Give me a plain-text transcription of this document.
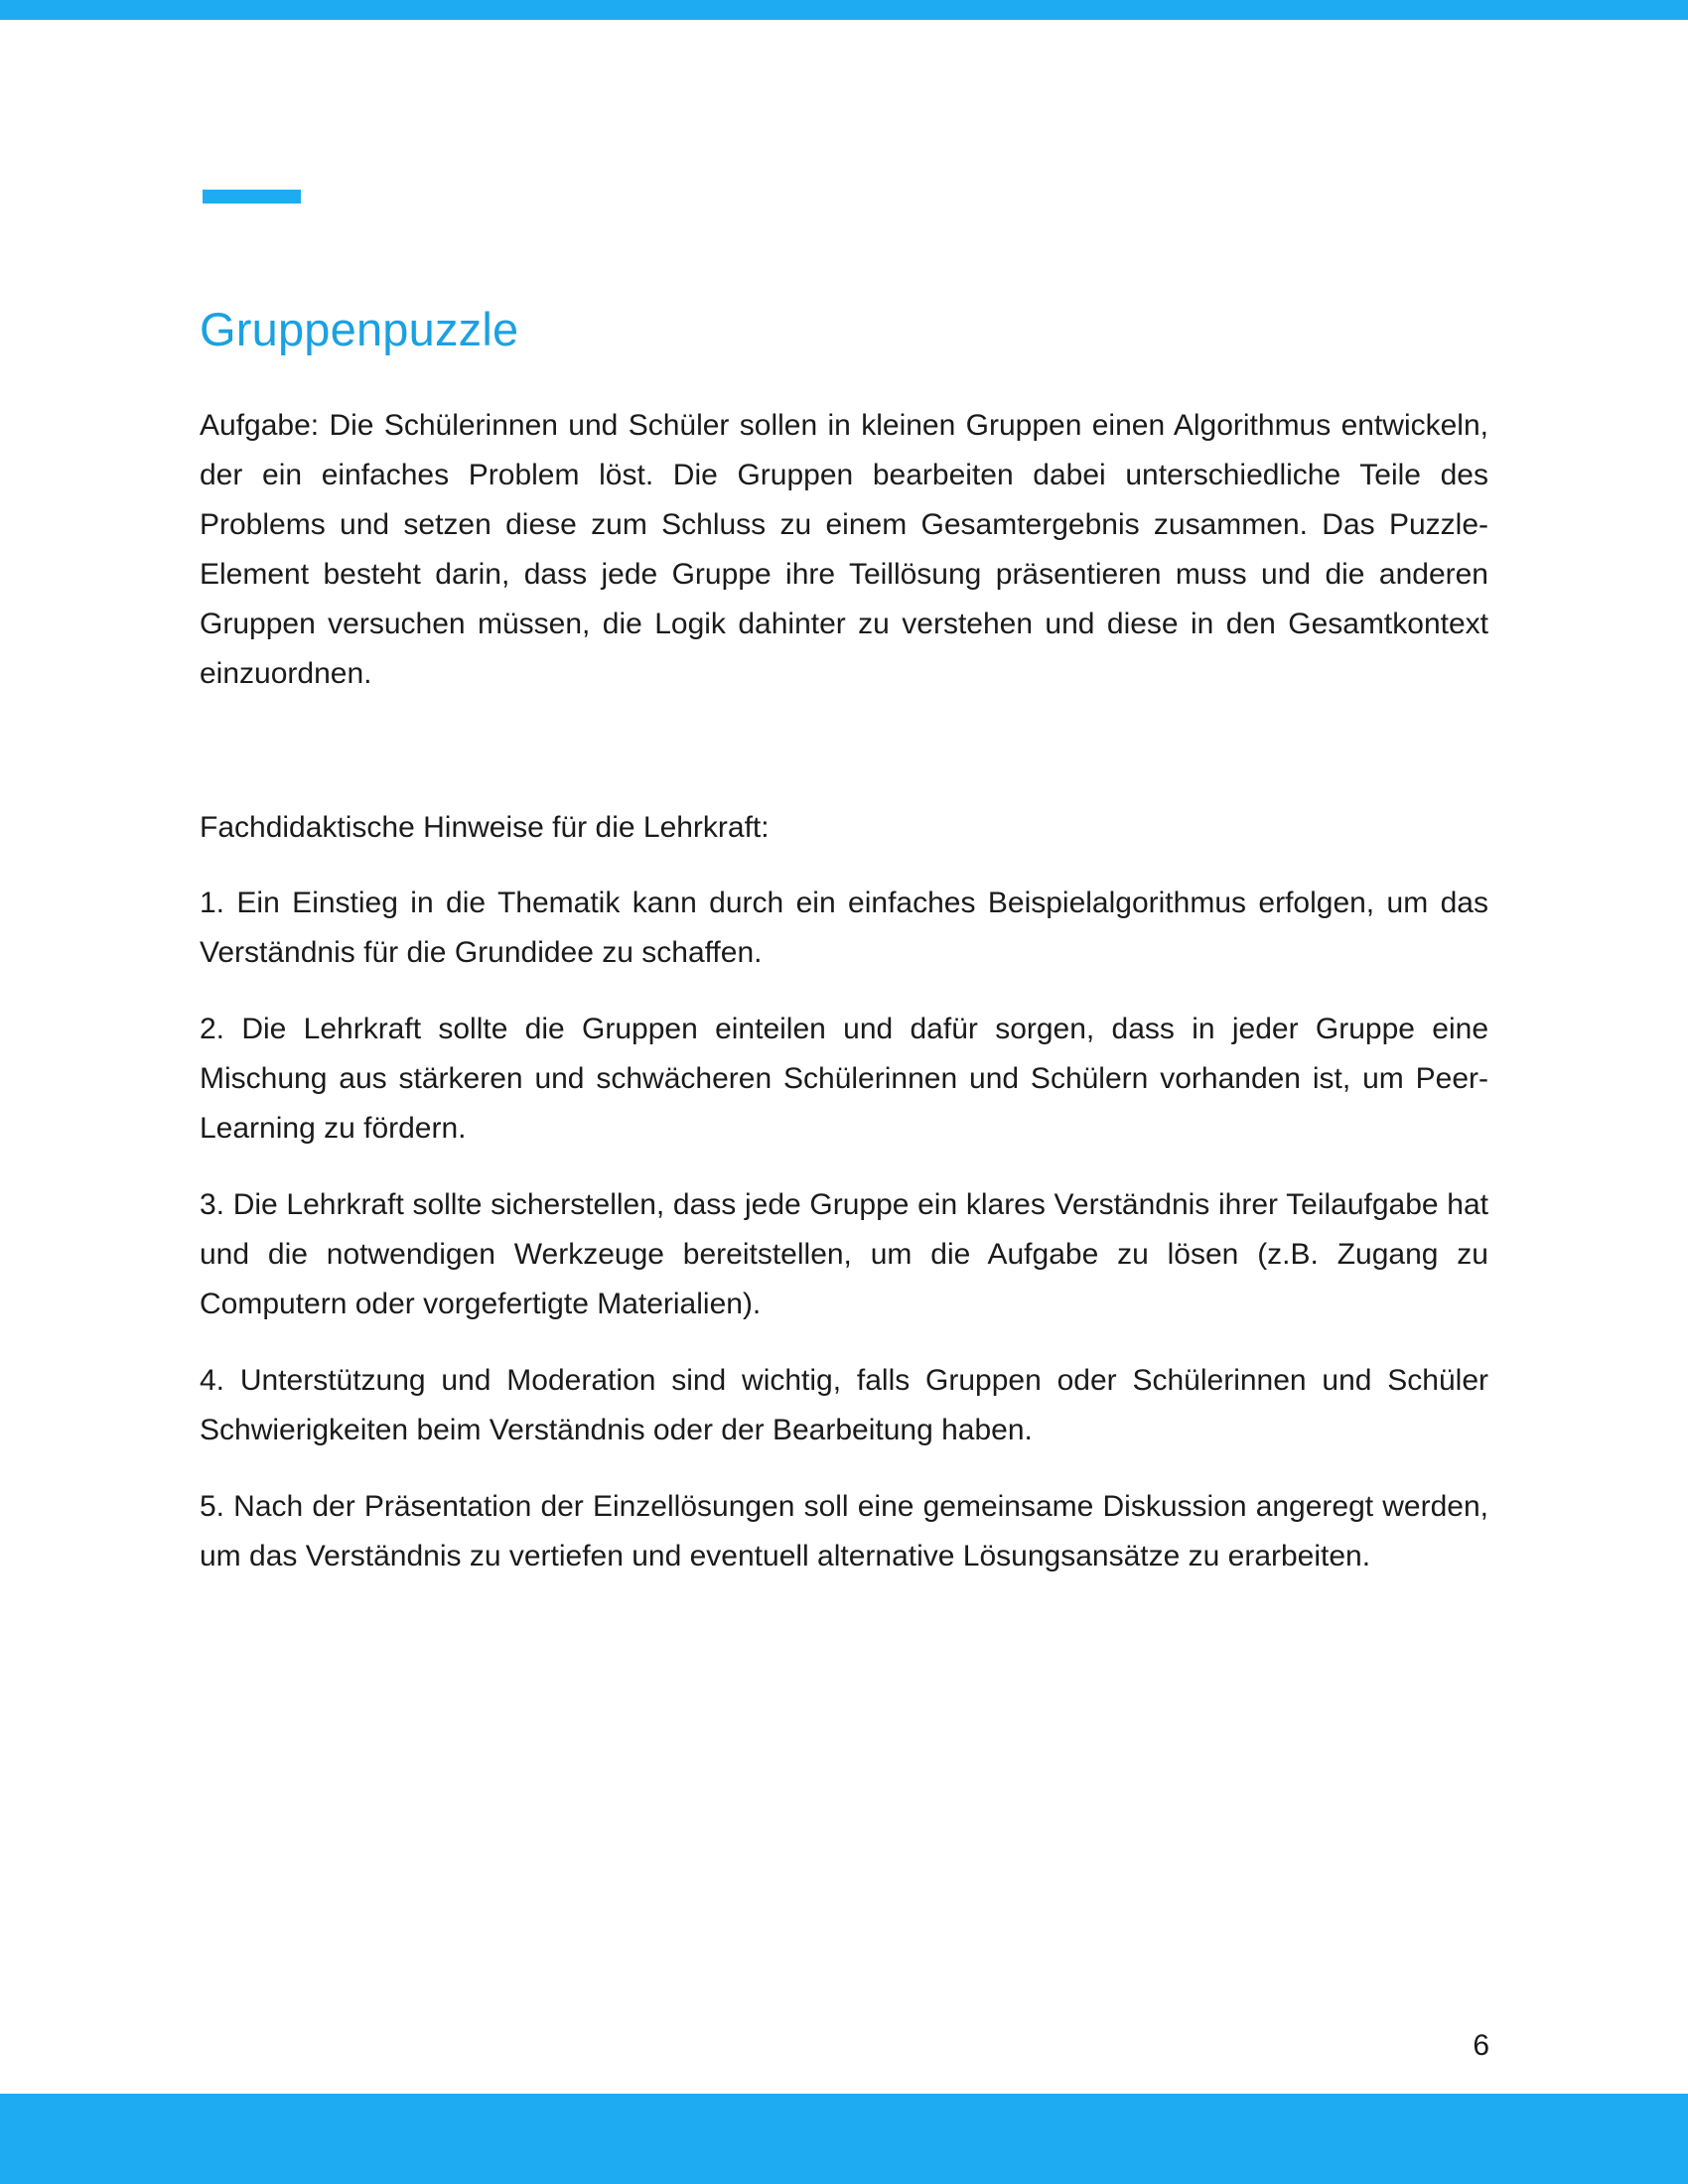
Gruppenpuzzle

Aufgabe: Die Schülerinnen und Schüler sollen in kleinen Gruppen einen Algorithmus entwickeln, der ein einfaches Problem löst. Die Gruppen bearbeiten dabei unterschiedliche Teile des Problems und setzen diese zum Schluss zu einem Gesamtergebnis zusammen. Das Puzzle-Element besteht darin, dass jede Gruppe ihre Teillösung präsentieren muss und die anderen Gruppen versuchen müssen, die Logik dahinter zu verstehen und diese in den Gesamtkontext einzuordnen.

Fachdidaktische Hinweise für die Lehrkraft:

1. Ein Einstieg in die Thematik kann durch ein einfaches Beispielalgorithmus erfolgen, um das Verständnis für die Grundidee zu schaffen.

2. Die Lehrkraft sollte die Gruppen einteilen und dafür sorgen, dass in jeder Gruppe eine Mischung aus stärkeren und schwächeren Schülerinnen und Schülern vorhanden ist, um Peer-Learning zu fördern.

3. Die Lehrkraft sollte sicherstellen, dass jede Gruppe ein klares Verständnis ihrer Teilaufgabe hat und die notwendigen Werkzeuge bereitstellen, um die Aufgabe zu lösen (z.B. Zugang zu Computern oder vorgefertigte Materialien).

4. Unterstützung und Moderation sind wichtig, falls Gruppen oder Schülerinnen und Schüler Schwierigkeiten beim Verständnis oder der Bearbeitung haben.

5. Nach der Präsentation der Einzellösungen soll eine gemeinsame Diskussion angeregt werden, um das Verständnis zu vertiefen und eventuell alternative Lösungsansätze zu erarbeiten.

6
